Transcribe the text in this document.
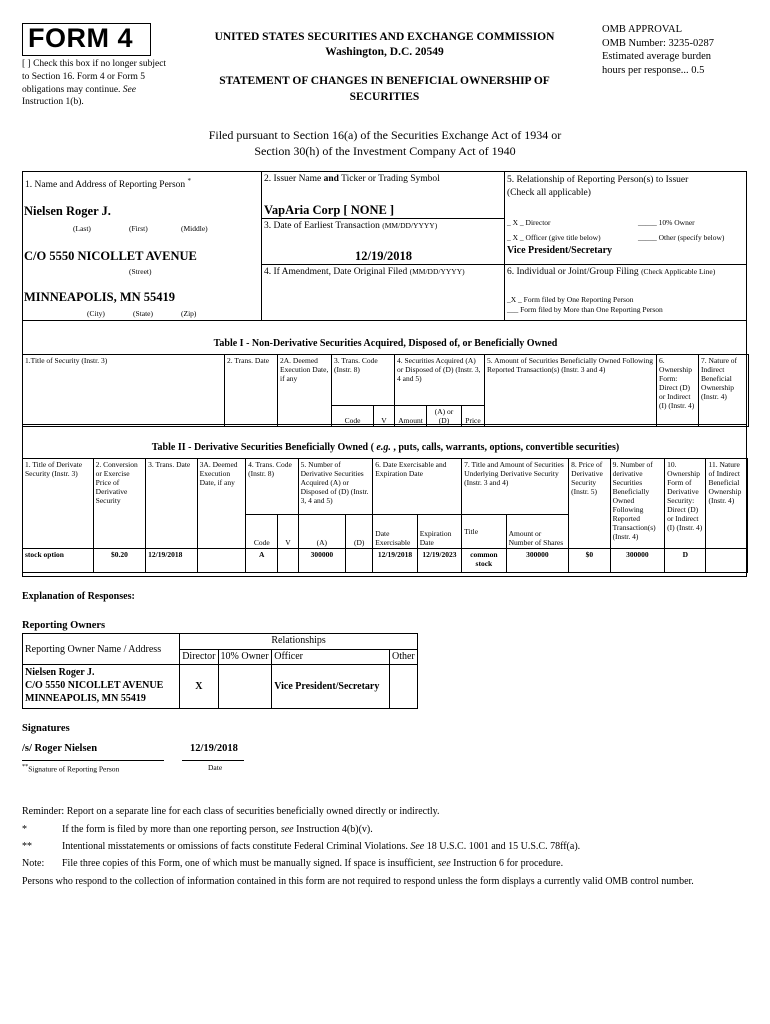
FORM 4
[ ] Check this box if no longer subject to Section 16. Form 4 or Form 5 obligations may continue. See Instruction 1(b).
UNITED STATES SECURITIES AND EXCHANGE COMMISSION
Washington, D.C. 20549
STATEMENT OF CHANGES IN BENEFICIAL OWNERSHIP OF
SECURITIES
OMB APPROVAL
OMB Number: 3235-0287
Estimated average burden
hours per response... 0.5
Filed pursuant to Section 16(a) of the Securities Exchange Act of 1934 or
Section 30(h) of the Investment Company Act of 1940
1. Name and Address of Reporting Person *
Nielsen Roger J.
(Last)	(First)	(Middle)
C/O 5550 NICOLLET AVENUE
(Street)
MINNEAPOLIS, MN 55419
(City)	(State)	(Zip)
2. Issuer Name and Ticker or Trading Symbol
VapAria Corp [ NONE ]
3. Date of Earliest Transaction (MM/DD/YYYY)
12/19/2018
4. If Amendment, Date Original Filed (MM/DD/YYYY)
5. Relationship of Reporting Person(s) to Issuer
(Check all applicable)
_ X _ Director	_____ 10% Owner
_ X _ Officer (give title below)	_____ Other (specify below)
Vice President/Secretary
6. Individual or Joint/Group Filing (Check Applicable Line)
_X _ Form filed by One Reporting Person
___ Form filed by More than One Reporting Person
Table I - Non-Derivative Securities Acquired, Disposed of, or Beneficially Owned
1.Title of Security (Instr. 3)	2. Trans. Date	2A. Deemed Execution Date, if any	3. Trans. Code (Instr. 8)		4. Securities Acquired (A) or Disposed of (D) (Instr. 3, 4 and 5)			5. Amount of Securities Beneficially Owned Following Reported Transaction(s) (Instr. 3 and 4)	6. Ownership Form: Direct (D) or Indirect (I) (Instr. 4)	7. Nature of Indirect Beneficial Ownership (Instr. 4)
			Code	V	Amount	(A) or (D)	Price			
Table II - Derivative Securities Beneficially Owned ( e.g. , puts, calls, warrants, options, convertible securities)
1. Title of Derivate Security (Instr. 3)	2. Conversion or Exercise Price of Derivative Security	3. Trans. Date	3A. Deemed Execution Date, if any	4. Trans. Code (Instr. 8)		5. Number of Derivative Securities Acquired (A) or Disposed of (D) (Instr. 3, 4 and 5)		6. Date Exercisable and Expiration Date		7. Title and Amount of Securities Underlying Derivative Security (Instr. 3 and 4)		8. Price of Derivative Security (Instr. 5)	9. Number of derivative Securities Beneficially Owned Following Reported Transaction(s) (Instr. 4)	10. Ownership Form of Derivative Security: Direct (D) or Indirect (I) (Instr. 4)	11. Nature of Indirect Beneficial Ownership (Instr. 4)
				Code	V	(A)	(D)	Date Exercisable	Expiration Date	Title	Amount or Number of Shares				
stock option	$0.20	12/19/2018		A		300000		12/19/2018	12/19/2023	common stock	300000	$0	300000	D	
Explanation of Responses:
Reporting Owners
Reporting Owner Name / Address	Relationships			
	Director	10% Owner	Officer	Other

Nielsen Roger J.
C/O 5550 NICOLLET AVENUE
MINNEAPOLIS, MN 55419	X		Vice President/Secretary	
Signatures
/s/ Roger Nielsen	12/19/2018
**Signature of Reporting Person	Date
Reminder: Report on a separate line for each class of securities beneficially owned directly or indirectly.
*	If the form is filed by more than one reporting person, see Instruction 4(b)(v).
**	Intentional misstatements or omissions of facts constitute Federal Criminal Violations. See 18 U.S.C. 1001 and 15 U.S.C. 78ff(a).
Note: File three copies of this Form, one of which must be manually signed. If space is insufficient, see Instruction 6 for procedure.
Persons who respond to the collection of information contained in this form are not required to respond unless the form displays a currently valid OMB control number.
